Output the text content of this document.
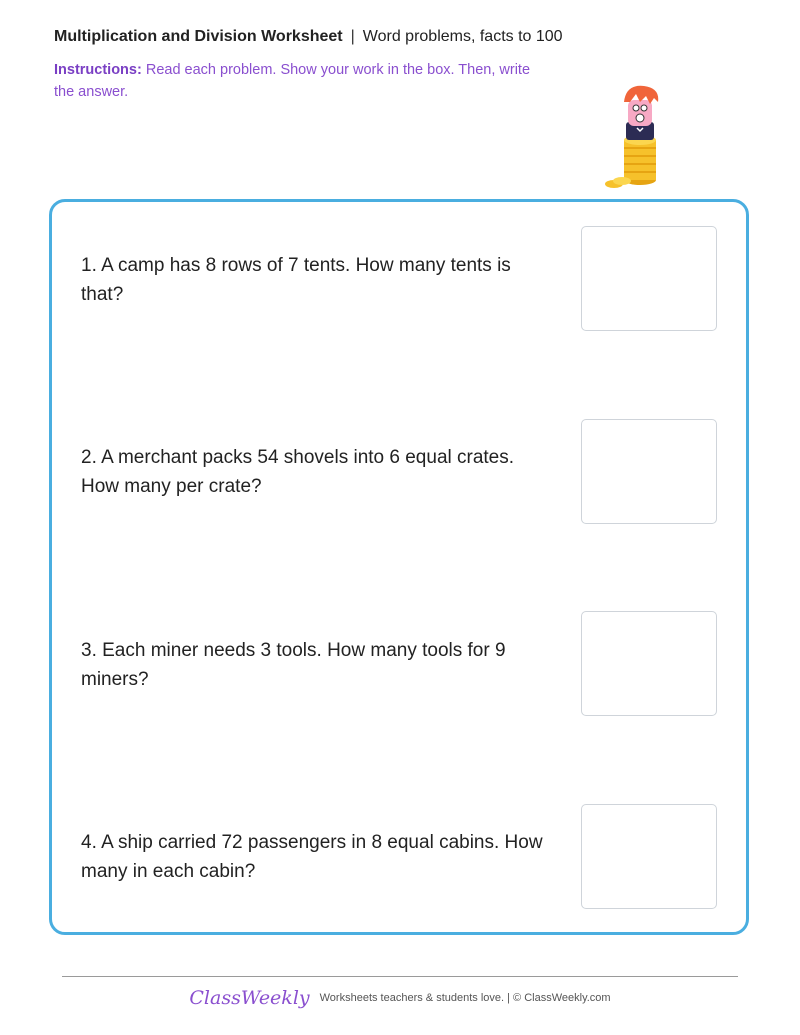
Multiplication and Division Worksheet | Word problems, facts to 100
Instructions: Read each problem. Show your work in the box. Then, write the answer.
1. A camp has 8 rows of 7 tents. How many tents is that?
2. A merchant packs 54 shovels into 6 equal crates. How many per crate?
3. Each miner needs 3 tools. How many tools for 9 miners?
4. A ship carried 72 passengers in 8 equal cabins. How many in each cabin?
ClassWeekly Worksheets teachers & students love. | © ClassWeekly.com
